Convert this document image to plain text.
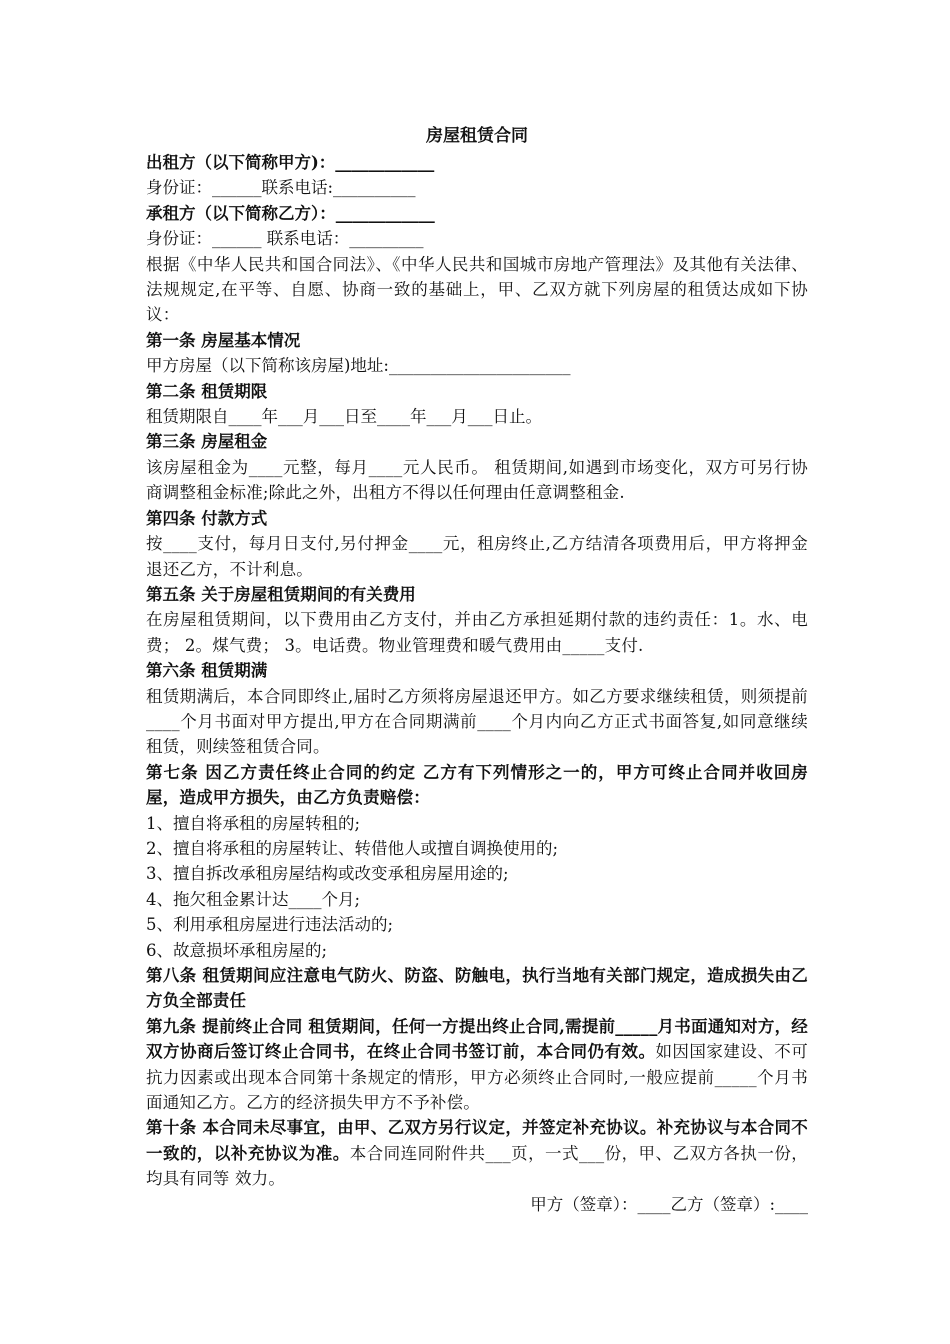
房屋租赁合同

出租方（以下简称甲方)：____________

身份证：______联系电话:__________

承租方（以下简称乙方）：____________

身份证：______ 联系电话：_________

根据《中华人民共和国合同法》、《中华人民共和国城市房地产管理法》及其他有关法律、法规规定,在平等、自愿、协商一致的基础上，甲、乙双方就下列房屋的租赁达成如下协议：

第一条 房屋基本情况

甲方房屋（以下简称该房屋)地址:______________________

第二条 租赁期限

租赁期限自____年___月___日至____年___月___日止。

第三条 房屋租金

该房屋租金为____元整，每月____元人民币。 租赁期间,如遇到市场变化，双方可另行协商调整租金标准;除此之外，出租方不得以任何理由任意调整租金.

第四条 付款方式

按____支付，每月日支付,另付押金____元，租房终止,乙方结清各项费用后，甲方将押金退还乙方，不计利息。

第五条 关于房屋租赁期间的有关费用

在房屋租赁期间，以下费用由乙方支付，并由乙方承担延期付款的违约责任：1。水、电费； 2。煤气费； 3。电话费。物业管理费和暖气费用由_____支付.

第六条 租赁期满

租赁期满后，本合同即终止,届时乙方须将房屋退还甲方。如乙方要求继续租赁，则须提前____个月书面对甲方提出,甲方在合同期满前____个月内向乙方正式书面答复,如同意继续租赁，则续签租赁合同。

第七条 因乙方责任终止合同的约定 乙方有下列情形之一的，甲方可终止合同并收回房屋，造成甲方损失，由乙方负责赔偿：

1、擅自将承租的房屋转租的;

2、擅自将承租的房屋转让、转借他人或擅自调换使用的;

3、擅自拆改承租房屋结构或改变承租房屋用途的;

4、拖欠租金累计达____个月;

5、利用承租房屋进行违法活动的;

6、故意损坏承租房屋的;

第八条 租赁期间应注意电气防火、防盗、防触电，执行当地有关部门规定，造成损失由乙方负全部责任

第九条 提前终止合同 租赁期间，任何一方提出终止合同,需提前_____月书面通知对方，经双方协商后签订终止合同书，在终止合同书签订前，本合同仍有效。如因国家建设、不可抗力因素或出现本合同第十条规定的情形，甲方必须终止合同时,一般应提前_____个月书面通知乙方。乙方的经济损失甲方不予补偿。

第十条 本合同未尽事宜，由甲、乙双方另行议定，并签定补充协议。补充协议与本合同不一致的，以补充协议为准。本合同连同附件共___页，一式___份，甲、乙双方各执一份，均具有同等 效力。

甲方（签章）：____乙方（签章）:____
